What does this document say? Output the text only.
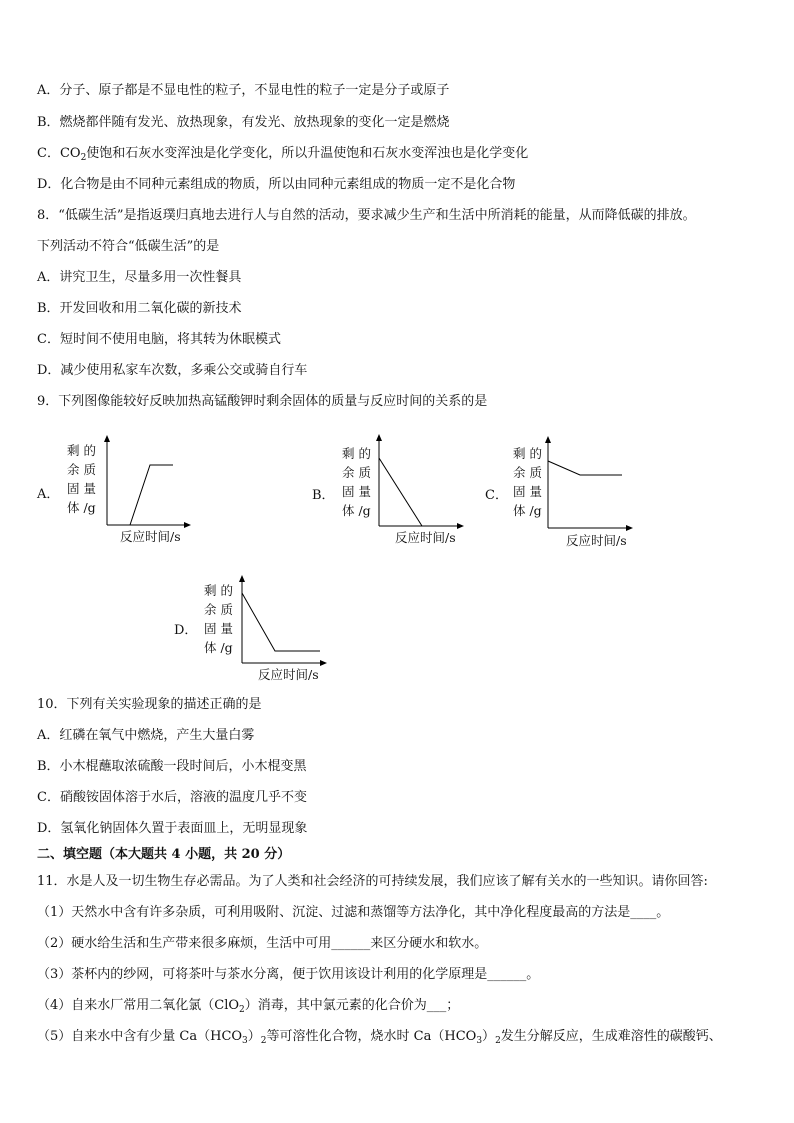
A．分子、原子都是不显电性的粒子，不显电性的粒子一定是分子或原子
B．燃烧都伴随有发光、放热现象，有发光、放热现象的变化一定是燃烧
C．$CO_2$使饱和石灰水变浑浊是化学变化，所以升温使饱和石灰水变浑浊也是化学变化
D．化合物是由不同种元素组成的物质，所以由同种元素组成的物质一定不是化合物
8．“低碳生活”是指返璞归真地去进行人与自然的活动，要求减少生产和生活中所消耗的能量，从而降低碳的排放。
下列活动不符合“低碳生活”的是
A．讲究卫生，尽量多用一次性餐具
B．开发回收和用二氧化碳的新技术
C．短时间不使用电脑，将其转为休眠模式
D．减少使用私家车次数，多乘公交或骑自行车
9．下列图像能较好反映加热高锰酸钾时剩余固体的质量与反应时间的关系的是
A．
剩 的
余 质
固 量
体 /g
反应时间/s
B．
剩 的
余 质
固 量
体 /g
反应时间/s
C．
剩 的
余 质
固 量
体 /g
反应时间/s
D．
剩 的
余 质
固 量
体 /g
反应时间/s
10．下列有关实验现象的描述正确的是
A．红磷在氧气中燃烧，产生大量白雾
B．小木棍蘸取浓硫酸一段时间后，小木棍变黑
C．硝酸铵固体溶于水后，溶液的温度几乎不变
D．氢氧化钠固体久置于表面皿上，无明显现象
二、填空题（本大题共 4 小题，共 20 分）
11．水是人及一切生物生存必需品。为了人类和社会经济的可持续发展，我们应该了解有关水的一些知识。请你回答:
（1）天然水中含有许多杂质，可利用吸附、沉淀、过滤和蒸馏等方法净化，其中净化程度最高的方法是____。
（2）硬水给生活和生产带来很多麻烦，生活中可用______来区分硬水和软水。
（3）茶杯内的纱网，可将茶叶与茶水分离，便于饮用该设计利用的化学原理是______。
（4）自来水厂常用二氧化氯（ClO$_2$）消毒，其中氯元素的化合价为___；
（5）自来水中含有少量 $Ca(HCO_3)_2$等可溶性化合物，烧水时 $Ca(HCO_3)_2$发生分解反应，生成难溶性的碳酸钙、
